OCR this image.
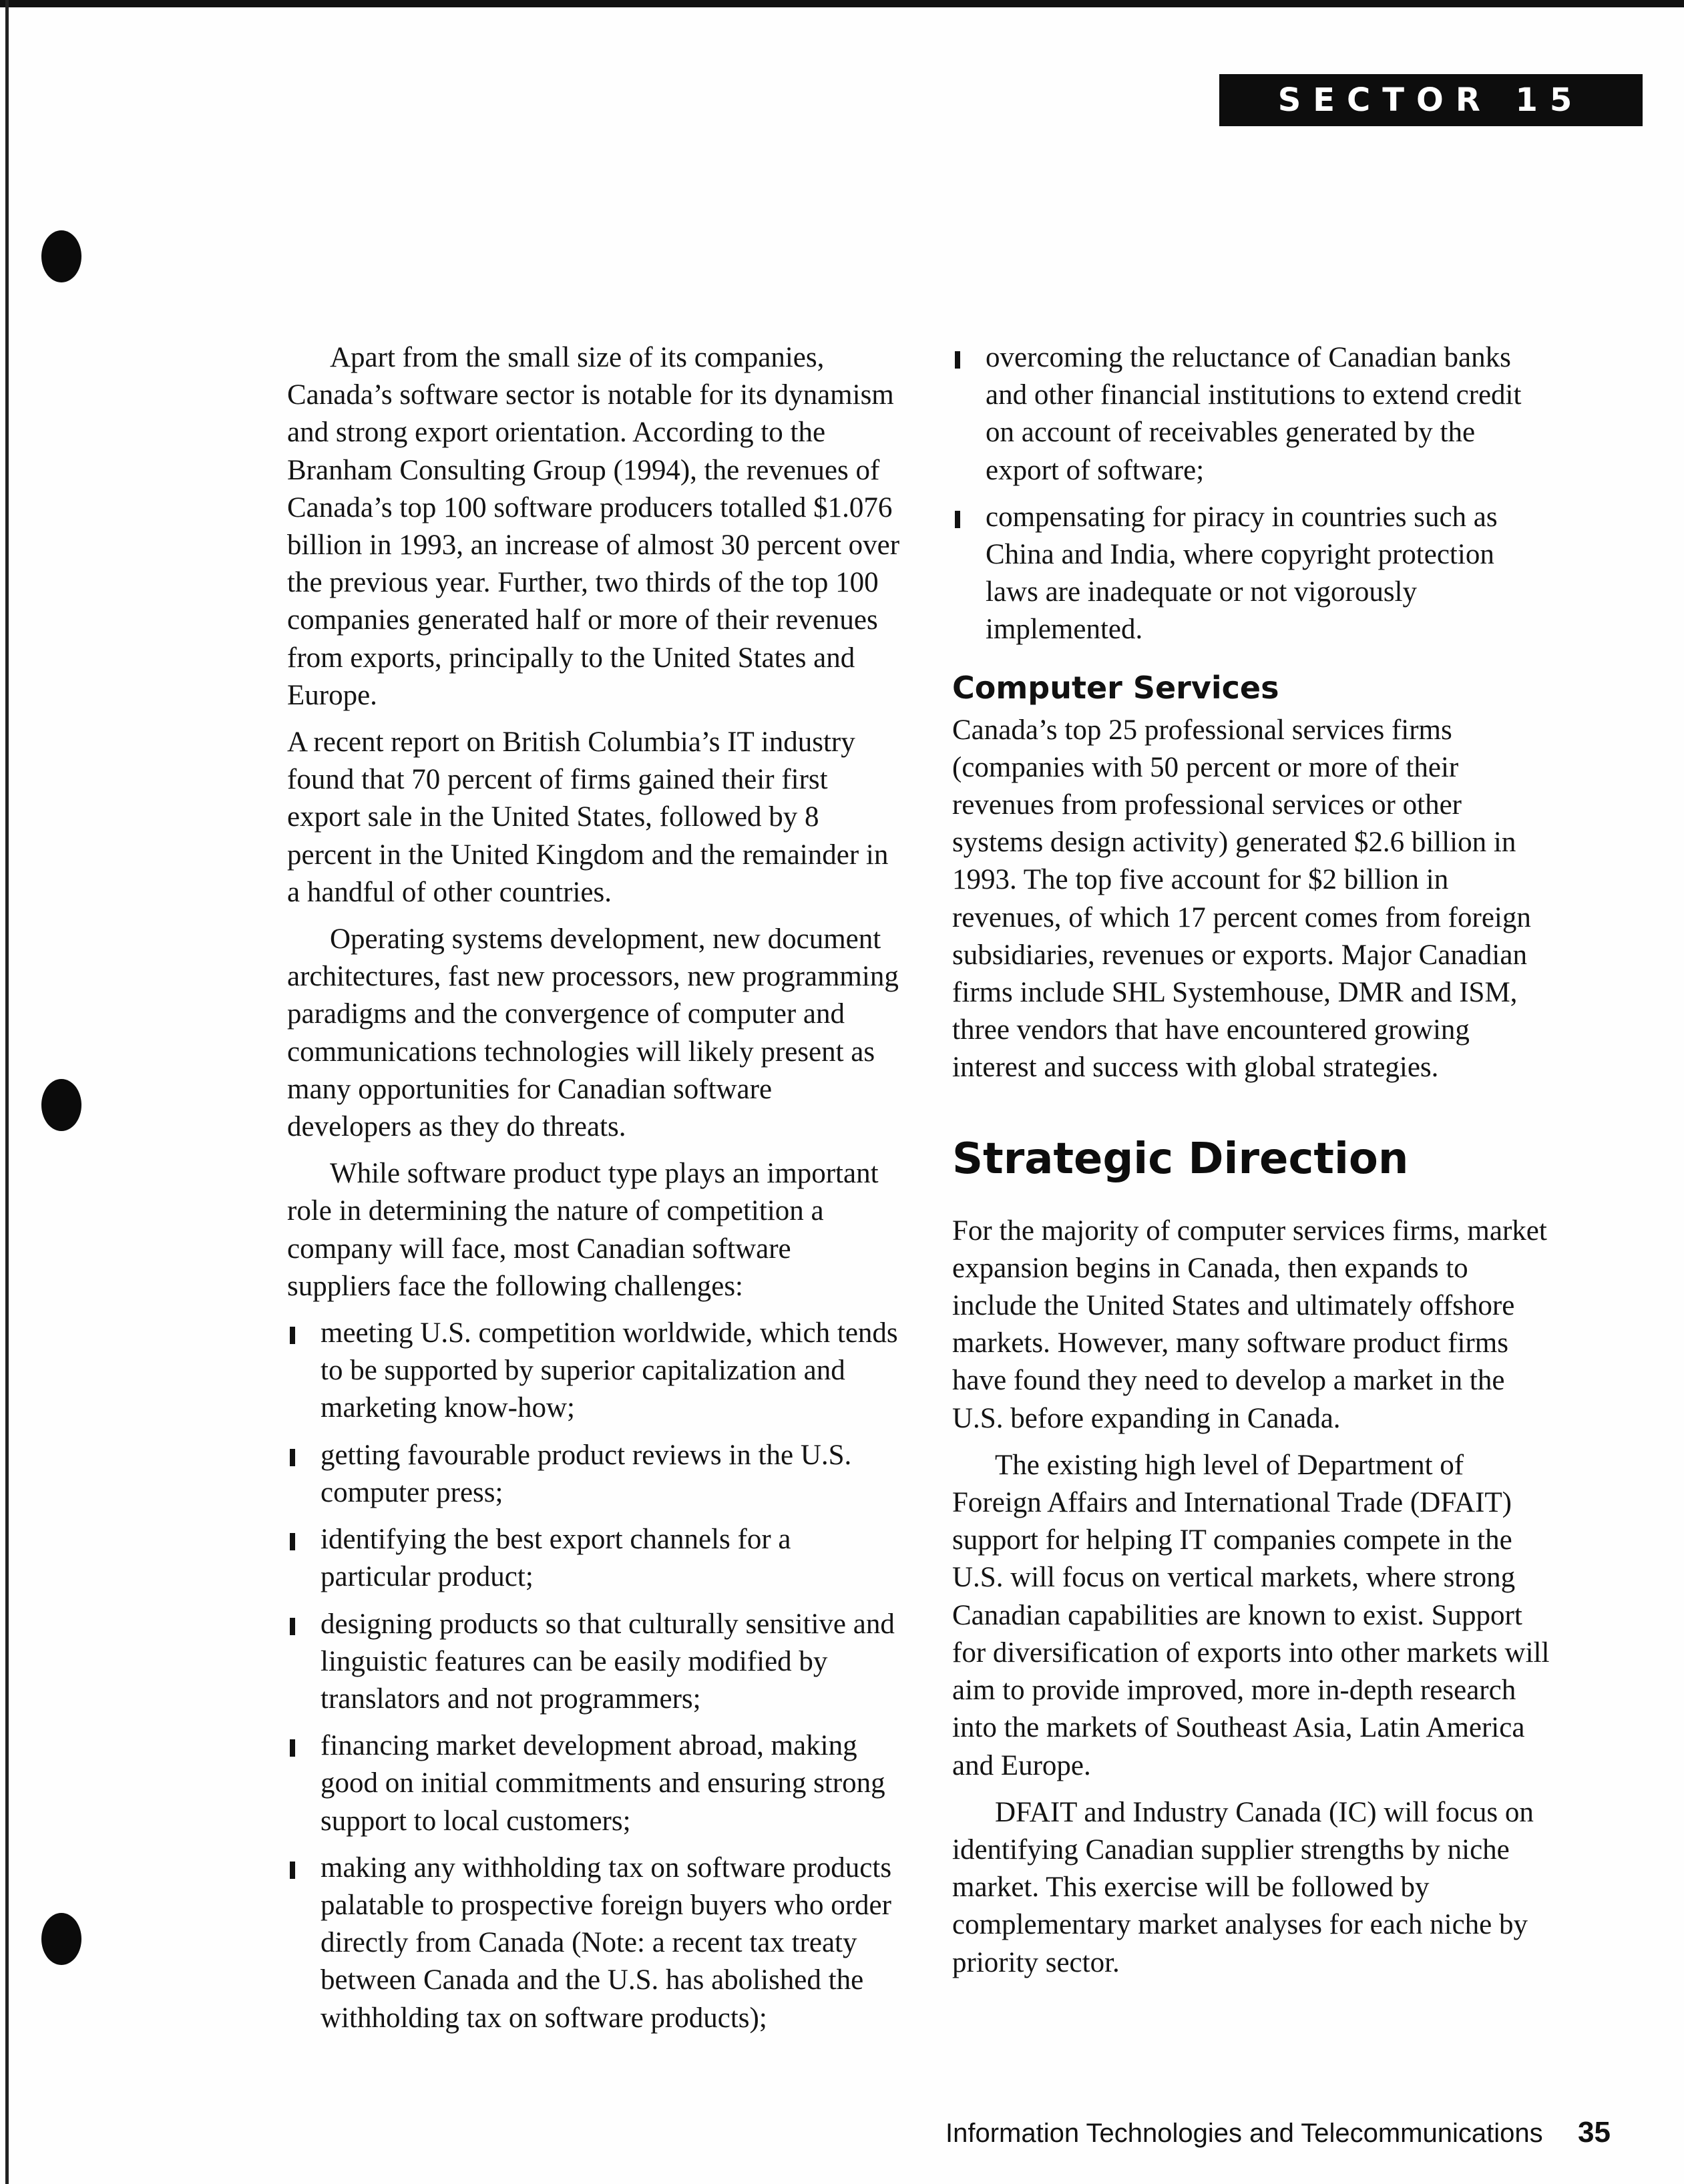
SECTOR 15

Apart from the small size of its companies, Canada’s software sector is notable for its dynamism and strong export orientation. According to the Branham Consulting Group (1994), the revenues of Canada’s top 100 software producers totalled $1.076 billion in 1993, an increase of almost 30 percent over the previous year. Further, two thirds of the top 100 companies generated half or more of their revenues from exports, principally to the United States and Europe.

A recent report on British Columbia’s IT industry found that 70 percent of firms gained their first export sale in the United States, followed by 8 percent in the United Kingdom and the remainder in a handful of other countries.

Operating systems development, new document architectures, fast new processors, new programming paradigms and the convergence of computer and communications technologies will likely present as many opportunities for Canadian software developers as they do threats.

While software product type plays an important role in determining the nature of competition a company will face, most Canadian software suppliers face the following challenges:

meeting U.S. competition worldwide, which tends to be supported by superior capitalization and marketing know-how;
getting favourable product reviews in the U.S. computer press;
identifying the best export channels for a particular product;
designing products so that culturally sensitive and linguistic features can be easily modified by translators and not programmers;
financing market development abroad, making good on initial commitments and ensuring strong support to local customers;
making any withholding tax on software products palatable to prospective foreign buyers who order directly from Canada (Note: a recent tax treaty between Canada and the U.S. has abolished the withholding tax on software products);
overcoming the reluctance of Canadian banks and other financial institutions to extend credit on account of receivables generated by the export of software;
compensating for piracy in countries such as China and India, where copyright protection laws are inadequate or not vigorously implemented.
Computer Services

Canada’s top 25 professional services firms (companies with 50 percent or more of their revenues from professional services or other systems design activity) generated $2.6 billion in 1993. The top five account for $2 billion in revenues, of which 17 percent comes from foreign subsidiaries, revenues or exports. Major Canadian firms include SHL Systemhouse, DMR and ISM, three vendors that have encountered growing interest and success with global strategies.

Strategic Direction

For the majority of computer services firms, market expansion begins in Canada, then expands to include the United States and ultimately offshore markets. However, many software product firms have found they need to develop a market in the U.S. before expanding in Canada.

The existing high level of Department of Foreign Affairs and International Trade (DFAIT) support for helping IT companies compete in the U.S. will focus on vertical markets, where strong Canadian capabilities are known to exist. Support for diversification of exports into other markets will aim to provide improved, more in-depth research into the markets of Southeast Asia, Latin America and Europe.

DFAIT and Industry Canada (IC) will focus on identifying Canadian supplier strengths by niche market. This exercise will be followed by complementary market analyses for each niche by priority sector.

Information Technologies and Telecommunications 35
